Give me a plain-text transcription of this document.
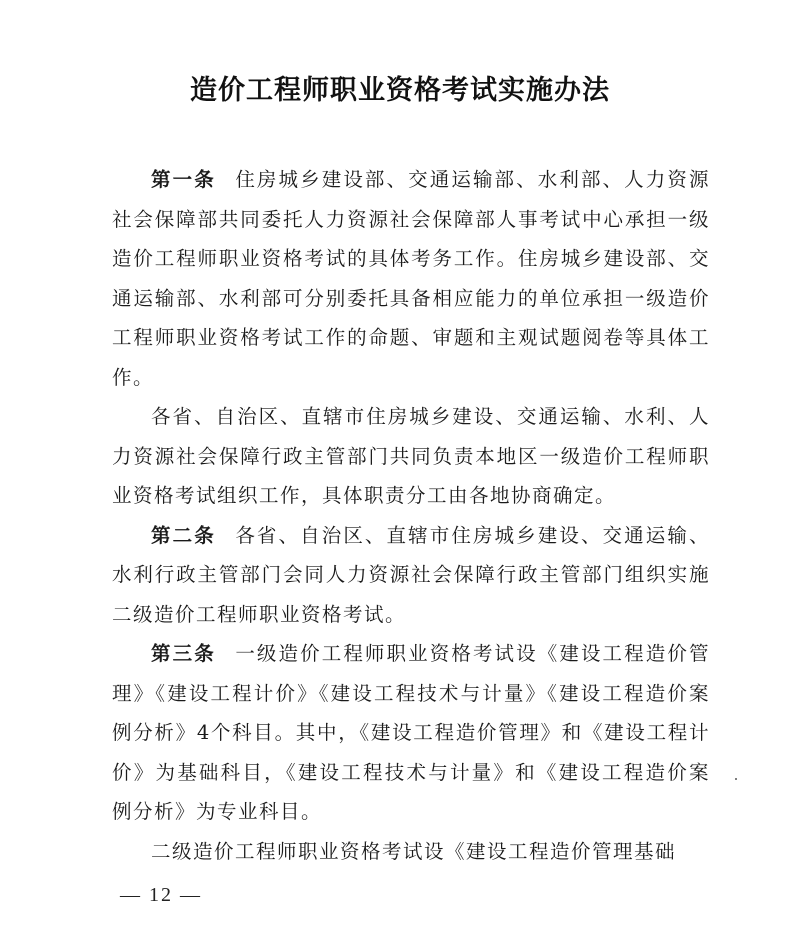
造价工程师职业资格考试实施办法

第一条 住房城乡建设部、交通运输部、水利部、人力资源社会保障部共同委托人力资源社会保障部人事考试中心承担一级造价工程师职业资格考试的具体考务工作。住房城乡建设部、交通运输部、水利部可分别委托具备相应能力的单位承担一级造价工程师职业资格考试工作的命题、审题和主观试题阅卷等具体工作。

各省、自治区、直辖市住房城乡建设、交通运输、水利、人力资源社会保障行政主管部门共同负责本地区一级造价工程师职业资格考试组织工作，具体职责分工由各地协商确定。

第二条 各省、自治区、直辖市住房城乡建设、交通运输、水利行政主管部门会同人力资源社会保障行政主管部门组织实施二级造价工程师职业资格考试。

第三条 一级造价工程师职业资格考试设《建设工程造价管理》《建设工程计价》《建设工程技术与计量》《建设工程造价案例分析》4个科目。其中，《建设工程造价管理》和《建设工程计价》为基础科目，《建设工程技术与计量》和《建设工程造价案例分析》为专业科目。

二级造价工程师职业资格考试设《建设工程造价管理基础

— 12 —
